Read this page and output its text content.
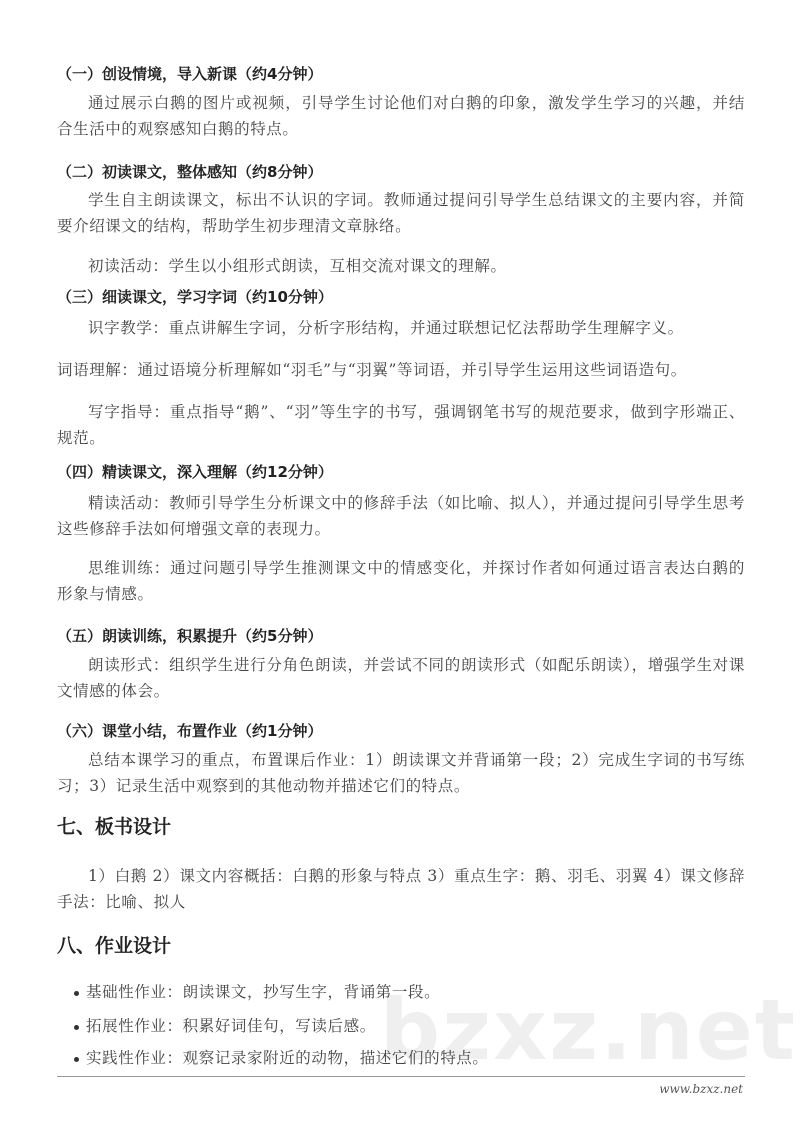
（一）创设情境，导入新课（约4分钟）
通过展示白鹅的图片或视频，引导学生讨论他们对白鹅的印象，激发学生学习的兴趣，并结合生活中的观察感知白鹅的特点。
（二）初读课文，整体感知（约8分钟）
学生自主朗读课文，标出不认识的字词。教师通过提问引导学生总结课文的主要内容，并简要介绍课文的结构，帮助学生初步理清文章脉络。
初读活动：学生以小组形式朗读，互相交流对课文的理解。
（三）细读课文，学习字词（约10分钟）
识字教学：重点讲解生字词，分析字形结构，并通过联想记忆法帮助学生理解字义。
词语理解：通过语境分析理解如“羽毛”与“羽翼”等词语，并引导学生运用这些词语造句。
写字指导：重点指导“鹅”、“羽”等生字的书写，强调钢笔书写的规范要求，做到字形端正、规范。
（四）精读课文，深入理解（约12分钟）
精读活动：教师引导学生分析课文中的修辞手法（如比喻、拟人），并通过提问引导学生思考这些修辞手法如何增强文章的表现力。
思维训练：通过问题引导学生推测课文中的情感变化，并探讨作者如何通过语言表达白鹅的形象与情感。
（五）朗读训练，积累提升（约5分钟）
朗读形式：组织学生进行分角色朗读，并尝试不同的朗读形式（如配乐朗读），增强学生对课文情感的体会。
（六）课堂小结，布置作业（约1分钟）
总结本课学习的重点，布置课后作业：1）朗读课文并背诵第一段；2）完成生字词的书写练习；3）记录生活中观察到的其他动物并描述它们的特点。
七、板书设计
1）白鹅 2）课文内容概括：白鹅的形象与特点 3）重点生字：鹅、羽毛、羽翼 4）课文修辞手法：比喻、拟人
八、作业设计
bzxz.net
基础性作业：朗读课文，抄写生字，背诵第一段。
拓展性作业：积累好词佳句，写读后感。
实践性作业：观察记录家附近的动物，描述它们的特点。
www.bzxz.net
